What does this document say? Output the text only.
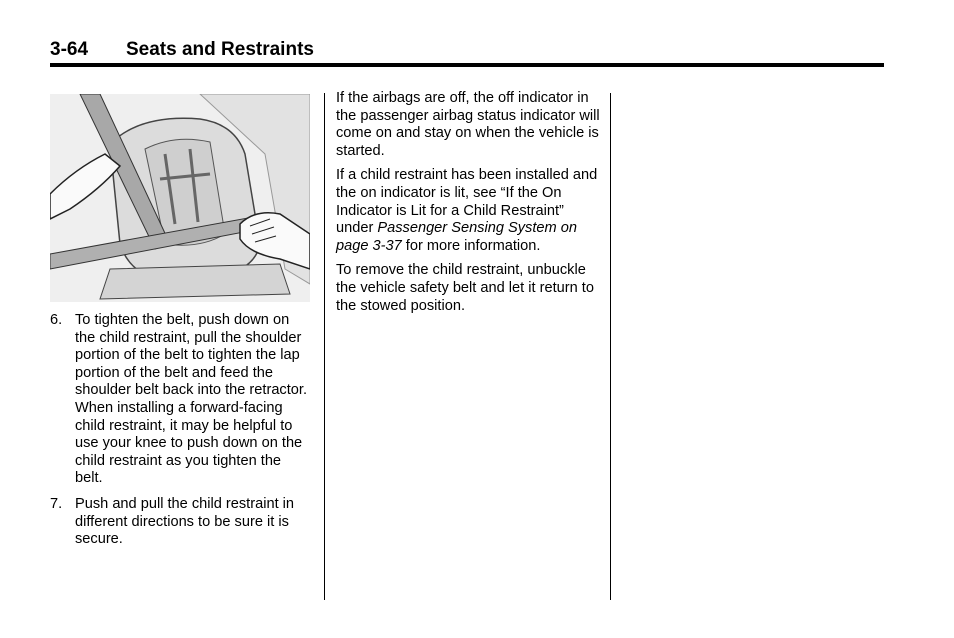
3-64 Seats and Restraints
6. To tighten the belt, push down on the child restraint, pull the shoulder portion of the belt to tighten the lap portion of the belt and feed the shoulder belt back into the retractor. When installing a forward-facing child restraint, it may be helpful to use your knee to push down on the child restraint as you tighten the belt.
7. Push and pull the child restraint in different directions to be sure it is secure.

If the airbags are off, the off indicator in the passenger airbag status indicator will come on and stay on when the vehicle is started.

If a child restraint has been installed and the on indicator is lit, see “If the On Indicator is Lit for a Child Restraint” under Passenger Sensing System on page 3-37 for more information.

To remove the child restraint, unbuckle the vehicle safety belt and let it return to the stowed position.
